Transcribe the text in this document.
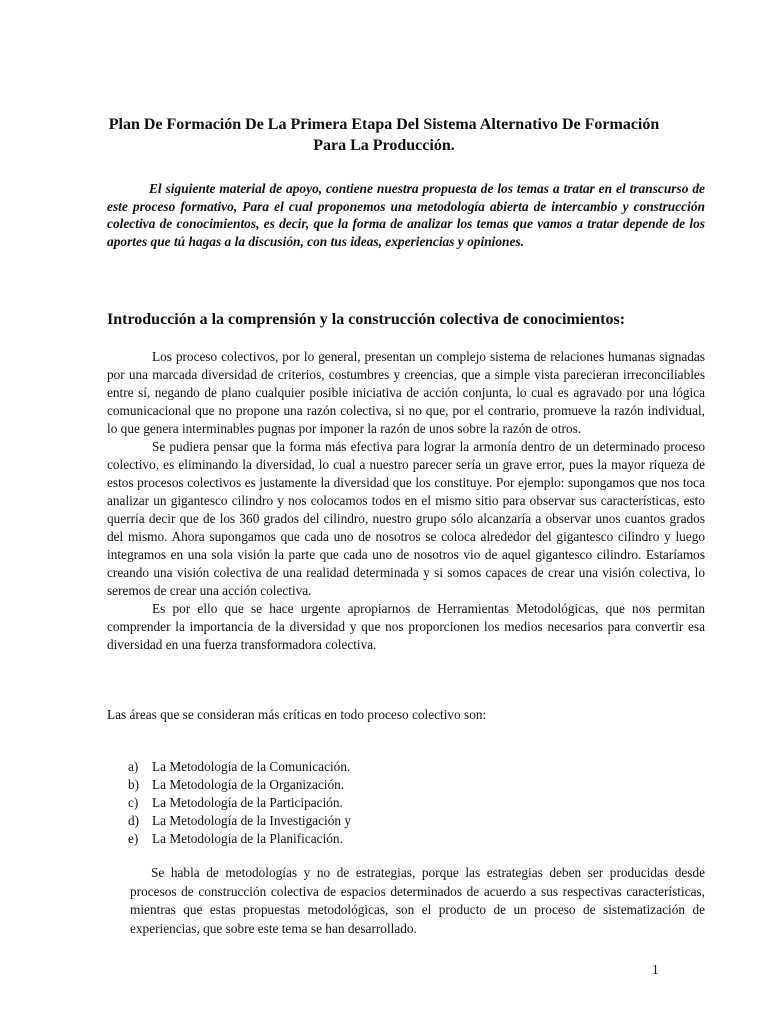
Plan De Formación De La Primera Etapa Del Sistema Alternativo De Formación Para La Producción.
El siguiente material de apoyo, contiene nuestra propuesta de los temas a tratar en el transcurso de este proceso formativo, Para el cual proponemos una metodología abierta de intercambio y construcción colectiva de conocimientos, es decir, que la forma de analizar los temas que vamos a tratar depende de los aportes que tú hagas a la discusión, con tus ideas, experiencias y opiniones.
Introducción a la comprensión y la construcción colectiva de conocimientos:

Los proceso colectivos, por lo general, presentan un complejo sistema de relaciones humanas signadas por una marcada diversidad de criterios, costumbres y creencias, que a simple vista parecieran irreconciliables entre sí, negando de plano cualquier posible iniciativa de acción conjunta, lo cual es agravado por una lógica comunicacional que no propone una razón colectiva, si no que, por el contrario, promueve la razón individual, lo que genera interminables pugnas por imponer la razón de unos sobre la razón de otros.

Se pudiera pensar que la forma más efectiva para lograr la armonía dentro de un determinado proceso colectivo, es eliminando la diversidad, lo cual a nuestro parecer sería un grave error, pues la mayor riqueza de estos procesos colectivos es justamente la diversidad que los constituye. Por ejemplo: supongamos que nos toca analizar un gigantesco cilindro y nos colocamos todos en el mismo sitio para observar sus características, esto querría decir que de los 360 grados del cilindro, nuestro grupo sólo alcanzaría a observar unos cuantos grados del mismo. Ahora supongamos que cada uno de nosotros se coloca alrededor del gigantesco cilindro y luego integramos en una sola visión la parte que cada uno de nosotros vio de aquel gigantesco cilindro. Estaríamos creando una visión colectiva de una realidad determinada y si somos capaces de crear una visión colectiva, lo seremos de crear una acción colectiva.

Es por ello que se hace urgente apropiarnos de Herramientas Metodológicas, que nos permitan comprender la importancia de la diversidad y que nos proporcionen los medios necesarios para convertir esa diversidad en una fuerza transformadora colectiva.

Las áreas que se consideran más críticas en todo proceso colectivo son:
a)	La Metodología de la Comunicación.
b) La Metodología de la Organización.
c)	La Metodología de la Participación.
d) La Metodología de la Investigación y
e)	La Metodología de la Planificación.

Se habla de metodologías y no de estrategias, porque las estrategias deben ser producidas desde procesos de construcción colectiva de espacios determinados de acuerdo a sus respectivas características, mientras que estas propuestas metodológicas, son el producto de un proceso de sistematización de experiencias, que sobre este tema se han desarrollado.

1
